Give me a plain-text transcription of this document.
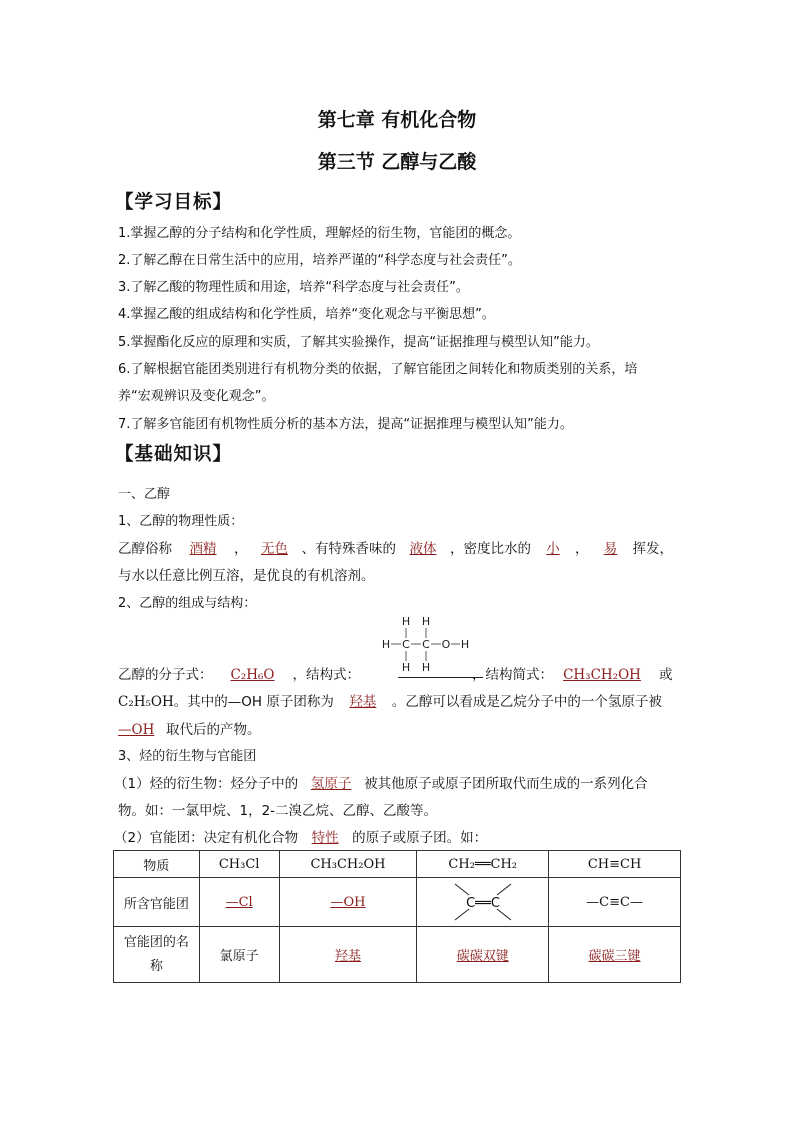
第七章 有机化合物
第三节 乙醇与乙酸
【学习目标】
1.掌握乙醇的分子结构和化学性质，理解烃的衍生物，官能团的概念。
2.了解乙醇在日常生活中的应用，培养严谨的“科学态度与社会责任”。
3.了解乙酸的物理性质和用途，培养“科学态度与社会责任”。
4.掌握乙酸的组成结构和化学性质，培养“变化观念与平衡思想”。
5.掌握酯化反应的原理和实质，了解其实验操作，提高“证据推理与模型认知”能力。
6.了解根据官能团类别进行有机物分类的依据，了解官能团之间转化和物质类别的关系，培
养“宏观辨识及变化观念”。
7.了解多官能团有机物性质分析的基本方法，提高“证据推理与模型认知”能力。
【基础知识】
一、乙醇
1、乙醇的物理性质：
乙醇俗称 酒精 ， 无色 、有特殊香味的 液体 ，密度比水的 小 ， 易 挥发，
与水以任意比例互溶，是优良的有机溶剂。
2、乙醇的组成与结构：
H H
H C C O H
H H
乙醇的分子式： C₂H₆O ，结构式：	，结构简式： CH₃CH₂OH 或
C₂H₅OH。其中的—OH 原子团称为 羟基 。乙醇可以看成是乙烷分子中的一个氢原子被
—OH 取代后的产物。
3、烃的衍生物与官能团
（1）烃的衍生物：烃分子中的 氢原子 被其他原子或原子团所取代而生成的一系列化合
物。如：一氯甲烷、1，2-二溴乙烷、乙醇、乙酸等。
（2）官能团：决定有机化合物 特性 的原子或原子团。如：
物质	CH₃Cl	CH₃CH₂OH	CH₂══CH₂	CH≡CH
所含官能团	—Cl	—OH	C══C	—C≡C—

官能团的名
称	氯原子	羟基	碳碳双键	碳碳三键
